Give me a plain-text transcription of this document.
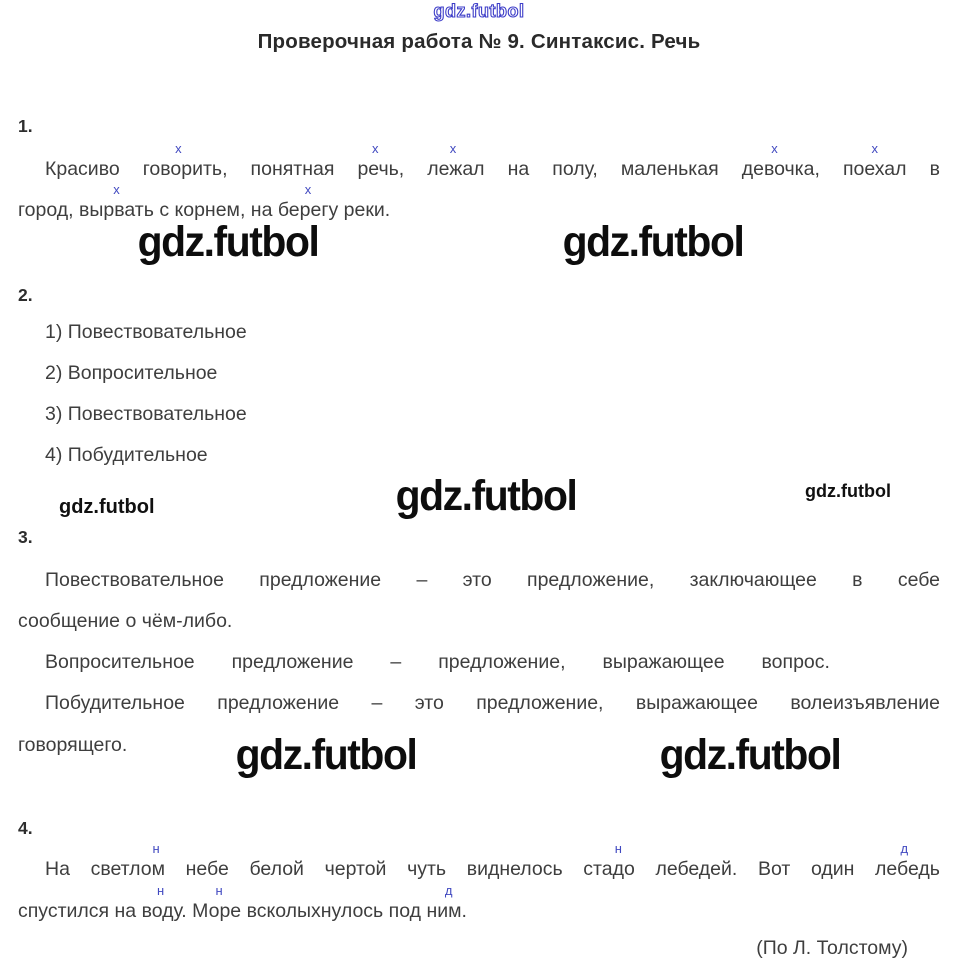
gdz.futbol
gdz.futbol	gdz.futbol
gdz.futbol	gdz.futbol	gdz.futbol
gdz.futbol	gdz.futbol
Проверочная работа № 9. Синтаксис. Речь
1.
Красиво говорить,
х
понятная речь,
х
лежал
х
на полу, маленькая девочка,
х
поехал
х
в
город, вырвать
х
с корнем, на берегу
х
реки.
2.
1) Повествовательное
2) Вопросительное
3) Повествовательное
4) Побудительное
3.
Повествовательное предложение – это предложение, заключающее в себе
сообщение о чём-либо.
Вопросительное предложение – предложение, выражающее вопрос.
Побудительное предложение – это предложение, выражающее волеизъявление
говорящего.
4.
На светлом
н
небе белой чертой чуть виднелось стадо
н
лебедей. Вот один лебедь
д
спустился на воду.
н
Море
н
всколыхнулось под ним.
д
(По Л. Толстому)
